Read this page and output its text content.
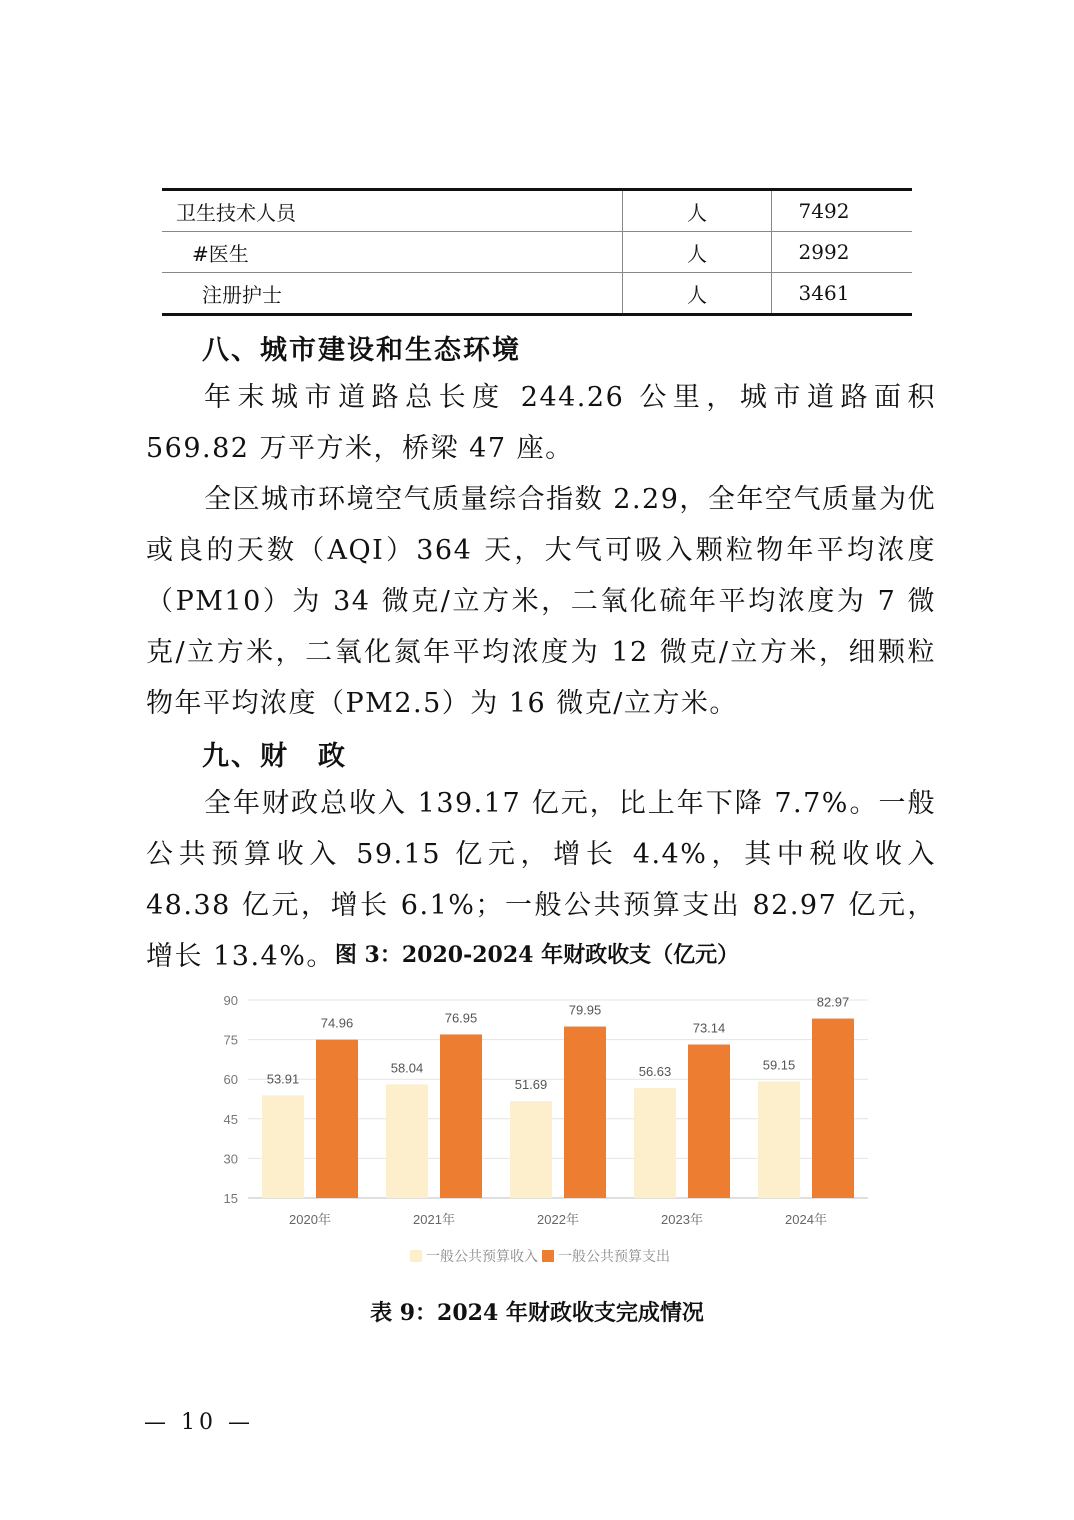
卫生技术人员	人	7492
#医生	人	2992
注册护士	人	3461
八、城市建设和生态环境
年末城市道路总长度 244.26 公里，城市道路面积 569.82 万平方米，桥梁 47 座。
全区城市环境空气质量综合指数 2.29，全年空气质量为优或良的天数（AQI）364 天，大气可吸入颗粒物年平均浓度（PM10）为 34 微克/立方米，二氧化硫年平均浓度为 7 微克/立方米，二氧化氮年平均浓度为 12 微克/立方米，细颗粒物年平均浓度（PM2.5）为 16 微克/立方米。
九、财　政
全年财政总收入 139.17 亿元，比上年下降 7.7%。一般公共预算收入 59.15 亿元，增长 4.4%，其中税收收入 48.38 亿元，增长 6.1%；一般公共预算支出 82.97 亿元，增长 13.4%。 图 3：2020-2024 年财政收支（亿元）
15
30
45
60
75
90
53.91
74.96
2020年
58.04
76.95
2021年
51.69
79.95
2022年
56.63
73.14
2023年
59.15
82.97
2024年
一般公共预算收入 一般公共预算支出
表 9：2024 年财政收支完成情况
— 10 —
